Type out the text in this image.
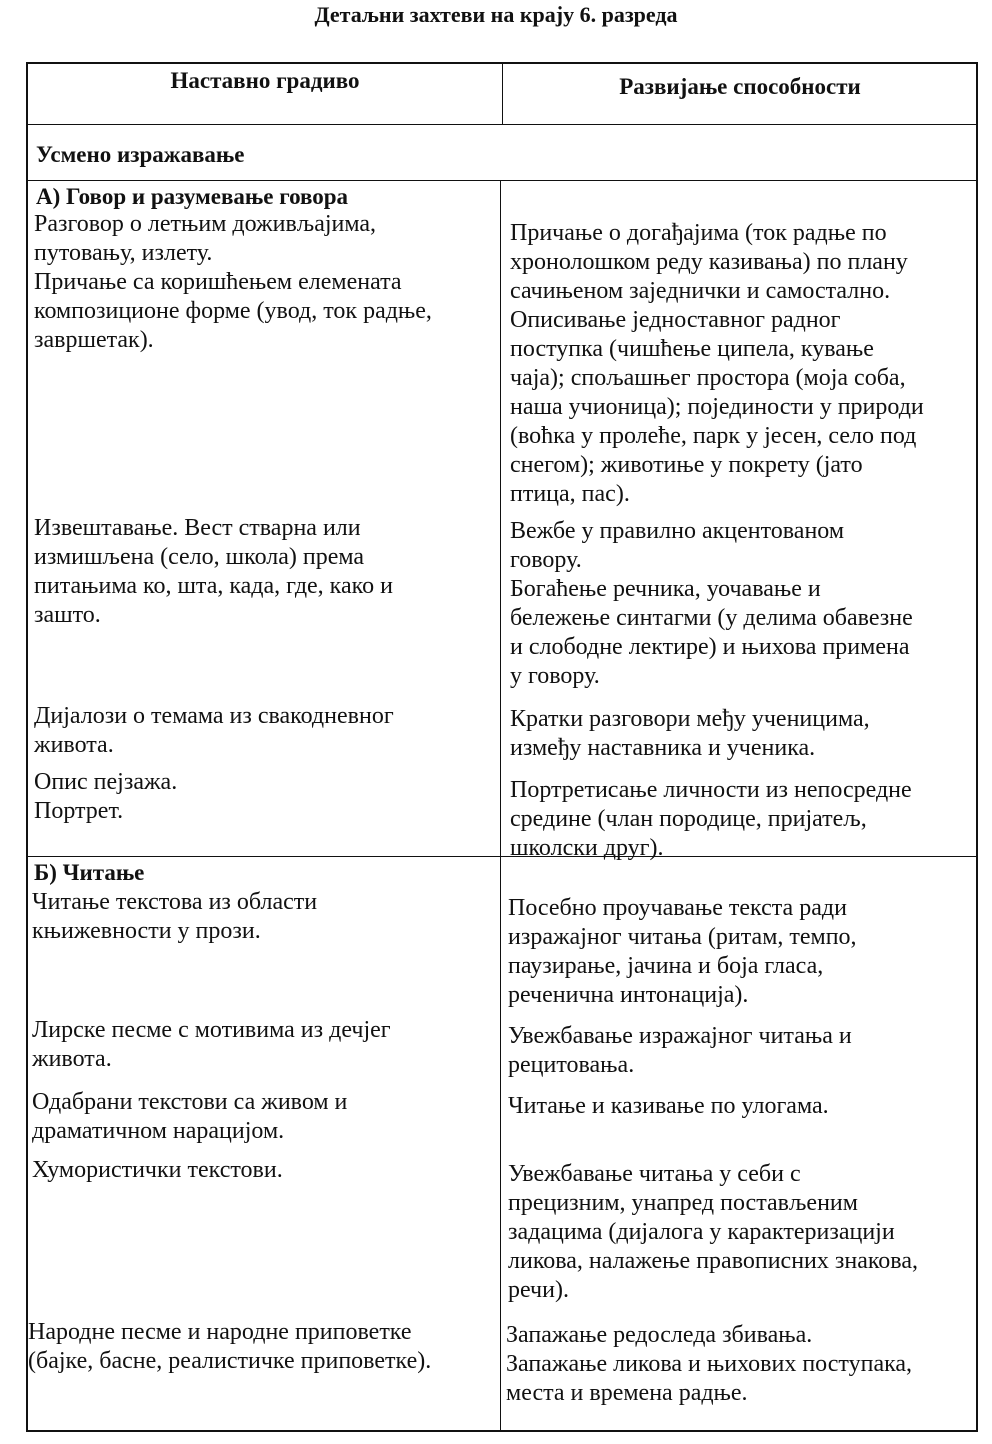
Детаљни захтеви на крају 6. разреда
Наставно градиво	Развијање способности
Усмено изражавање
А) Говор и разумевање говора
Разговор о летњим доживљајима,
путовању, излету.
Причање са коришћењем елемената
композиционе форме (увод, ток радње,
завршетак).
Причање о догађајима (ток радње по
хронолошком реду казивања) по плану
сачињеном заједнички и самостално.
Описивање једноставног радног
поступка (чишћење ципела, кување
чаја); спољашњег простора (моја соба,
наша учионица); појединости у природи
(воћка у пролеће, парк у јесен, село под
снегом); животиње у покрету (јато
птица, пас).
Извештавање. Вест стварна или
измишљена (село, школа) према
питањима ко, шта, када, где, како и
зашто.
Вежбе у правилно акцентованом
говору.
Богаћење речника, уочавање и
бележење синтагми (у делима обавезне
и слободне лектире) и њихова примена
у говору.
Дијалози о темама из свакодневног
живота.
Кратки разговори међу ученицима,
између наставника и ученика.
Опис пејзажа.
Портрет.
Портретисање личности из непосредне
средине (члан породице, пријатељ,
школски друг).
Б) Читање
Читање текстова из области
књижевности у прози.
Посебно проучавање текста ради
изражајног читања (ритам, темпо,
паузирање, јачина и боја гласа,
реченична интонација).
Лирске песме с мотивима из дечјег
живота.
Увежбавање изражајног читања и
рецитовања.
Одабрани текстови са живом и
драматичном нарацијом.
Читање и казивање по улогама.
Хумористички текстови.	Увежбавање читања у себи с
прецизним, унапред постављеним
задацима (дијалога у карактеризацији
ликова, налажење правописних знакова,
речи).
Народне песме и народне приповетке
(бајке, басне, реалистичке приповетке).
Запажање редоследа збивања.
Запажање ликова и њихових поступака,
места и времена радње.
